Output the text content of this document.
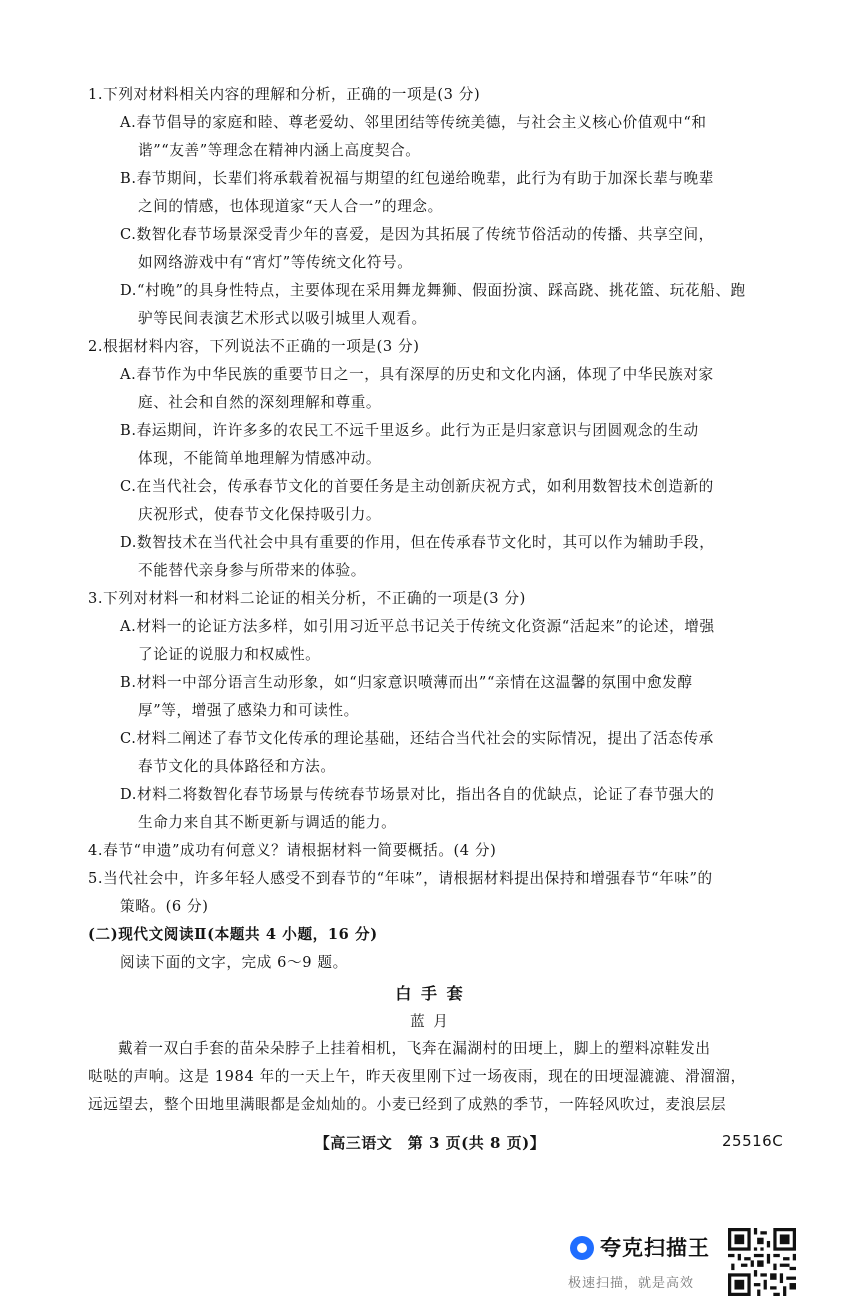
1.下列对材料相关内容的理解和分析，正确的一项是(3 分)
A.春节倡导的家庭和睦、尊老爱幼、邻里团结等传统美德，与社会主义核心价值观中“和
谐”“友善”等理念在精神内涵上高度契合。
B.春节期间，长辈们将承载着祝福与期望的红包递给晚辈，此行为有助于加深长辈与晚辈
之间的情感，也体现道家“天人合一”的理念。
C.数智化春节场景深受青少年的喜爱，是因为其拓展了传统节俗活动的传播、共享空间，
如网络游戏中有“宵灯”等传统文化符号。
D.“村晚”的具身性特点，主要体现在采用舞龙舞狮、假面扮演、踩高跷、挑花篮、玩花船、跑
驴等民间表演艺术形式以吸引城里人观看。
2.根据材料内容，下列说法不正确的一项是(3 分)
A.春节作为中华民族的重要节日之一，具有深厚的历史和文化内涵，体现了中华民族对家
庭、社会和自然的深刻理解和尊重。
B.春运期间，许许多多的农民工不远千里返乡。此行为正是归家意识与团圆观念的生动
体现，不能简单地理解为情感冲动。
C.在当代社会，传承春节文化的首要任务是主动创新庆祝方式，如利用数智技术创造新的
庆祝形式，使春节文化保持吸引力。
D.数智技术在当代社会中具有重要的作用，但在传承春节文化时，其可以作为辅助手段，
不能替代亲身参与所带来的体验。
3.下列对材料一和材料二论证的相关分析，不正确的一项是(3 分)
A.材料一的论证方法多样，如引用习近平总书记关于传统文化资源“活起来”的论述，增强
了论证的说服力和权威性。
B.材料一中部分语言生动形象，如“归家意识喷薄而出”“亲情在这温馨的氛围中愈发醇
厚”等，增强了感染力和可读性。
C.材料二阐述了春节文化传承的理论基础，还结合当代社会的实际情况，提出了活态传承
春节文化的具体路径和方法。
D.材料二将数智化春节场景与传统春节场景对比，指出各自的优缺点，论证了春节强大的
生命力来自其不断更新与调适的能力。
4.春节“申遗”成功有何意义？请根据材料一简要概括。(4 分)
5.当代社会中，许多年轻人感受不到春节的“年味”，请根据材料提出保持和增强春节“年味”的
策略。(6 分)
(二)现代文阅读Ⅱ(本题共 4 小题，16 分)
阅读下面的文字，完成 6～9 题。
白 手 套
蓝 月
戴着一双白手套的苗朵朵脖子上挂着相机，飞奔在漏湖村的田埂上，脚上的塑料凉鞋发出
哒哒的声响。这是 1984 年的一天上午，昨天夜里刚下过一场夜雨，现在的田埂湿漉漉、滑溜溜，
远远望去，整个田地里满眼都是金灿灿的。小麦已经到了成熟的季节，一阵轻风吹过，麦浪层层
【高三语文　第 3 页(共 8 页)】	25516C
夸克扫描王
极速扫描，就是高效
